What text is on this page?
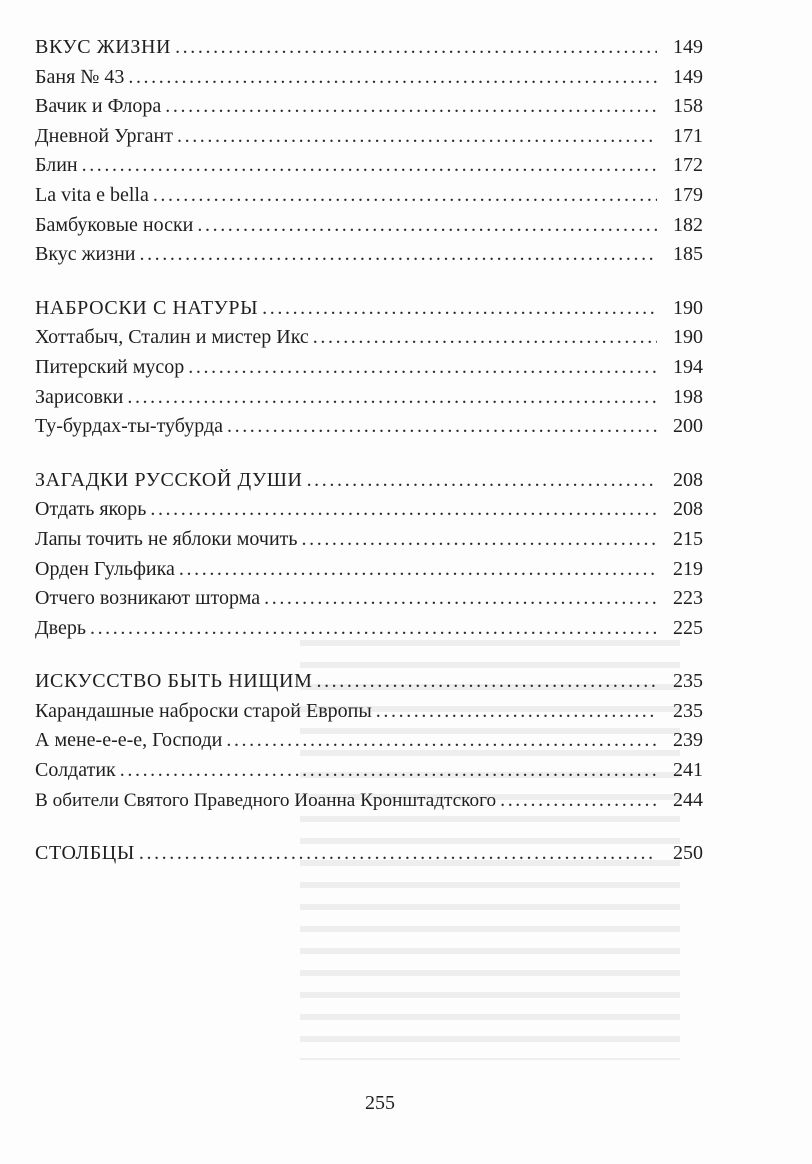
ВКУС ЖИЗНИ . . .	149
Баня № 43 . . .	149
Вачик и Флора . . .	158
Дневной Ургант . . .	171
Блин . . .	172
La vita e bella . . .	179
Бамбуковые носки . . .	182
Вкус жизни . . .	185
НАБРОСКИ С НАТУРЫ . . .	190
Хоттабыч, Сталин и мистер Икс . . .	190
Питерский мусор . . .	194
Зарисовки . . .	198
Ту-бурдах-ты-тубурда . . .	200
ЗАГАДКИ РУССКОЙ ДУШИ . . .	208
Отдать якорь . . .	208
Лапы точить не яблоки мочить . . .	215
Орден Гульфика . . .	219
Отчего возникают шторма . . .	223
Дверь . . .	225
ИСКУССТВО БЫТЬ НИЩИМ . . .	235
Карандашные наброски старой Европы . . .	235
А мене-е-е-е, Господи . . .	239
Солдатик . . .	241
В обители Святого Праведного Иоанна Кронштадтского . . .	244
СТОЛБЦЫ . . .	250
255
